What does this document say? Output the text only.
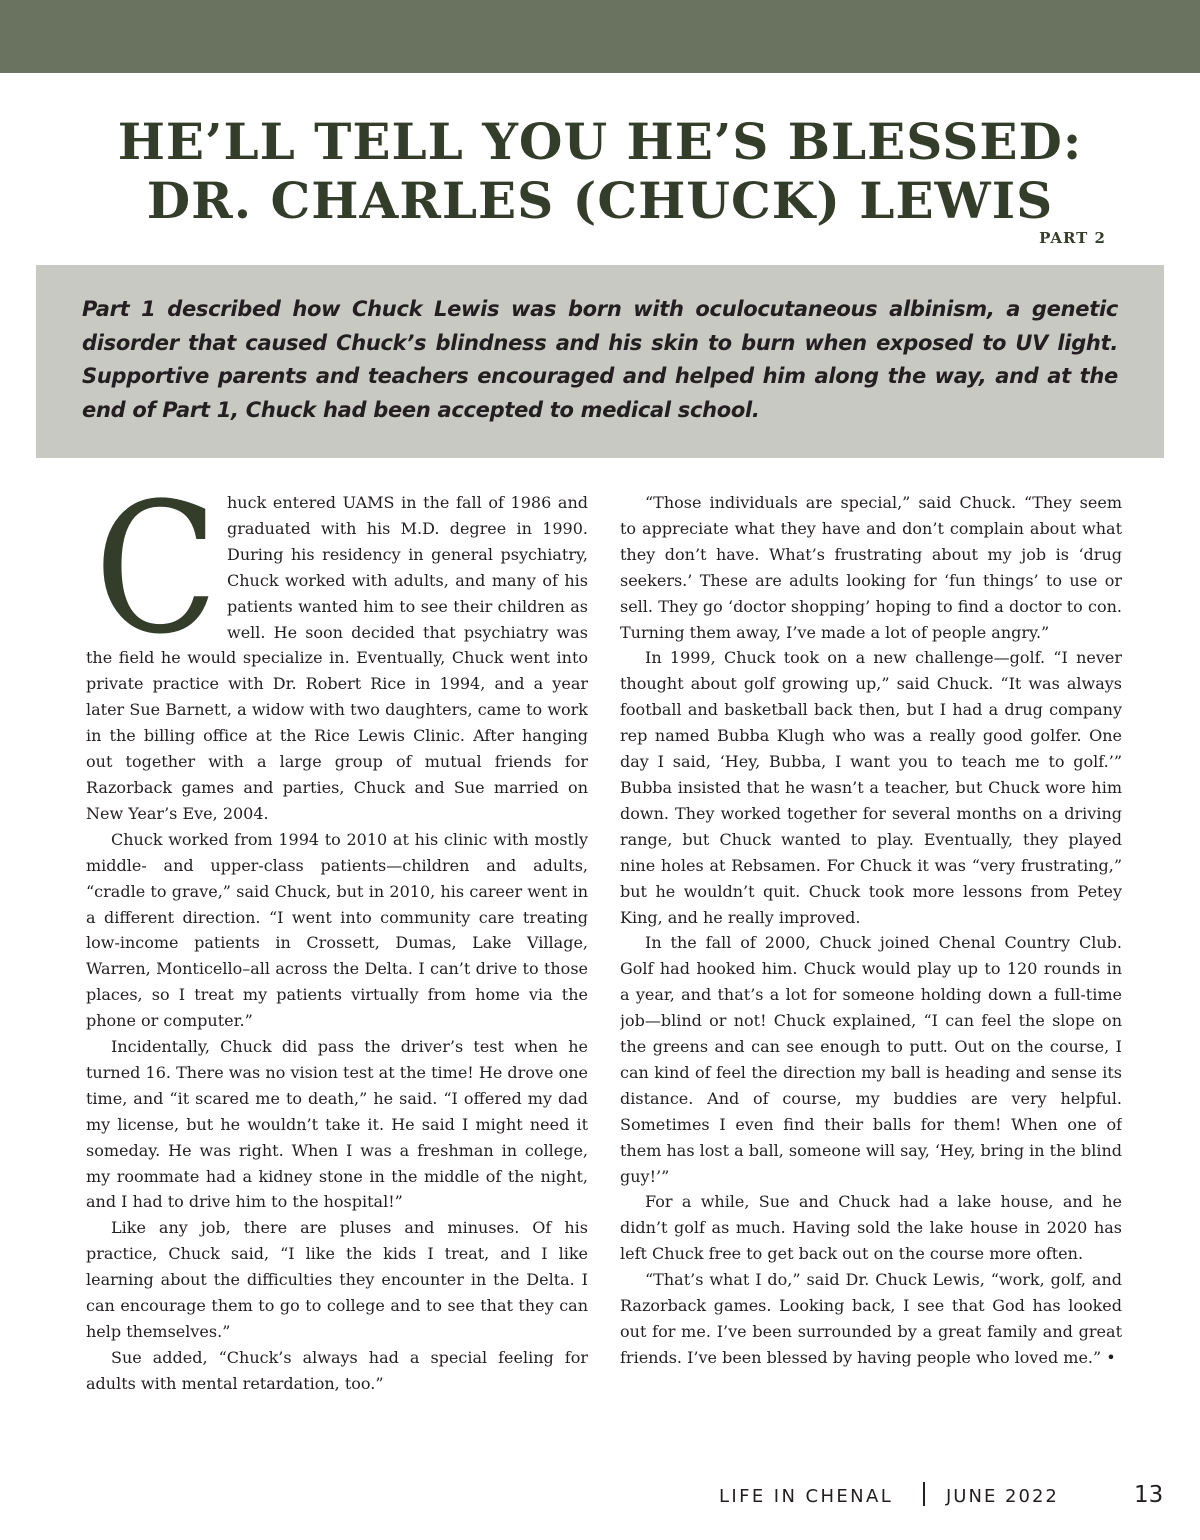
HE’LL TELL YOU HE’S BLESSED:
DR. CHARLES (CHUCK) LEWIS
PART 2

Part 1 described how Chuck Lewis was born with oculocutaneous albinism, a genetic disorder that caused Chuck’s blindness and his skin to burn when exposed to UV light. Supportive parents and teachers encouraged and helped him along the way, and at the end of Part 1, Chuck had been accepted to medical school.

C huck entered UAMS in the fall of 1986 and graduated with his M.D. degree in 1990. During his residency in general psychiatry, Chuck worked with adults, and many of his patients wanted him to see their children as well. He soon decided that psychiatry was the field he would specialize in. Eventually, Chuck went into private practice with Dr. Robert Rice in 1994, and a year later Sue Barnett, a widow with two daughters, came to work in the billing office at the Rice Lewis Clinic. After hanging out together with a large group of mutual friends for Razorback games and parties, Chuck and Sue married on New Year’s Eve, 2004.

Chuck worked from 1994 to 2010 at his clinic with mostly middle- and upper-class patients—children and adults, “cradle to grave,” said Chuck, but in 2010, his career went in a different direction. “I went into community care treating low-income patients in Crossett, Dumas, Lake Village, Warren, Monticello–all across the Delta. I can’t drive to those places, so I treat my patients virtually from home via the phone or computer.”

Incidentally, Chuck did pass the driver’s test when he turned 16. There was no vision test at the time! He drove one time, and “it scared me to death,” he said. “I offered my dad my license, but he wouldn’t take it. He said I might need it someday. He was right. When I was a freshman in college, my roommate had a kidney stone in the middle of the night, and I had to drive him to the hospital!”

Like any job, there are pluses and minuses. Of his practice, Chuck said, “I like the kids I treat, and I like learning about the difficulties they encounter in the Delta. I can encourage them to go to college and to see that they can help themselves.”

Sue added, “Chuck’s always had a special feeling for adults with mental retardation, too.”

“Those individuals are special,” said Chuck. “They seem to appreciate what they have and don’t complain about what they don’t have. What’s frustrating about my job is ‘drug seekers.’ These are adults looking for ‘fun things’ to use or sell. They go ‘doctor shopping’ hoping to find a doctor to con. Turning them away, I’ve made a lot of people angry.”

In 1999, Chuck took on a new challenge—golf. “I never thought about golf growing up,” said Chuck. “It was always football and basketball back then, but I had a drug company rep named Bubba Klugh who was a really good golfer. One day I said, ‘Hey, Bubba, I want you to teach me to golf.’” Bubba insisted that he wasn’t a teacher, but Chuck wore him down. They worked together for several months on a driving range, but Chuck wanted to play. Eventually, they played nine holes at Rebsamen. For Chuck it was “very frustrating,” but he wouldn’t quit. Chuck took more lessons from Petey King, and he really improved.

In the fall of 2000, Chuck joined Chenal Country Club. Golf had hooked him. Chuck would play up to 120 rounds in a year, and that’s a lot for someone holding down a full-time job—blind or not! Chuck explained, “I can feel the slope on the greens and can see enough to putt. Out on the course, I can kind of feel the direction my ball is heading and sense its distance. And of course, my buddies are very helpful. Sometimes I even find their balls for them! When one of them has lost a ball, someone will say, ‘Hey, bring in the blind guy!’”

For a while, Sue and Chuck had a lake house, and he didn’t golf as much. Having sold the lake house in 2020 has left Chuck free to get back out on the course more often.

“That’s what I do,” said Dr. Chuck Lewis, “work, golf, and Razorback games. Looking back, I see that God has looked out for me. I’ve been surrounded by a great family and great friends. I’ve been blessed by having people who loved me.” •

LIFE IN CHENAL	JUNE 2022	13
